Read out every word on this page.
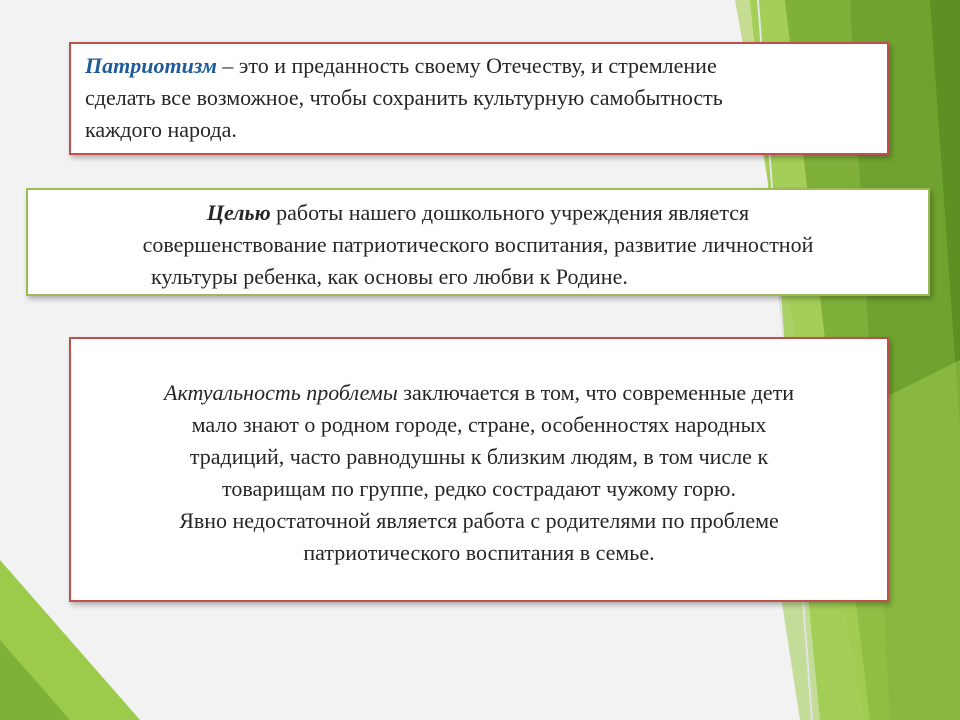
Патриотизм – это и преданность своему Отечеству, и стремление
сделать все возможное, чтобы сохранить культурную самобытность
каждого народа.
Целью работы нашего дошкольного учреждения является
совершенствование патриотического воспитания, развитие личностной
культуры ребенка, как основы его любви к Родине.
Актуальность проблемы заключается в том, что современные дети
мало знают о родном городе, стране, особенностях народных
традиций, часто равнодушны к близким людям, в том числе к
товарищам по группе, редко сострадают чужому горю.
Явно недостаточной является работа с родителями по проблеме
патриотического воспитания в семье.
